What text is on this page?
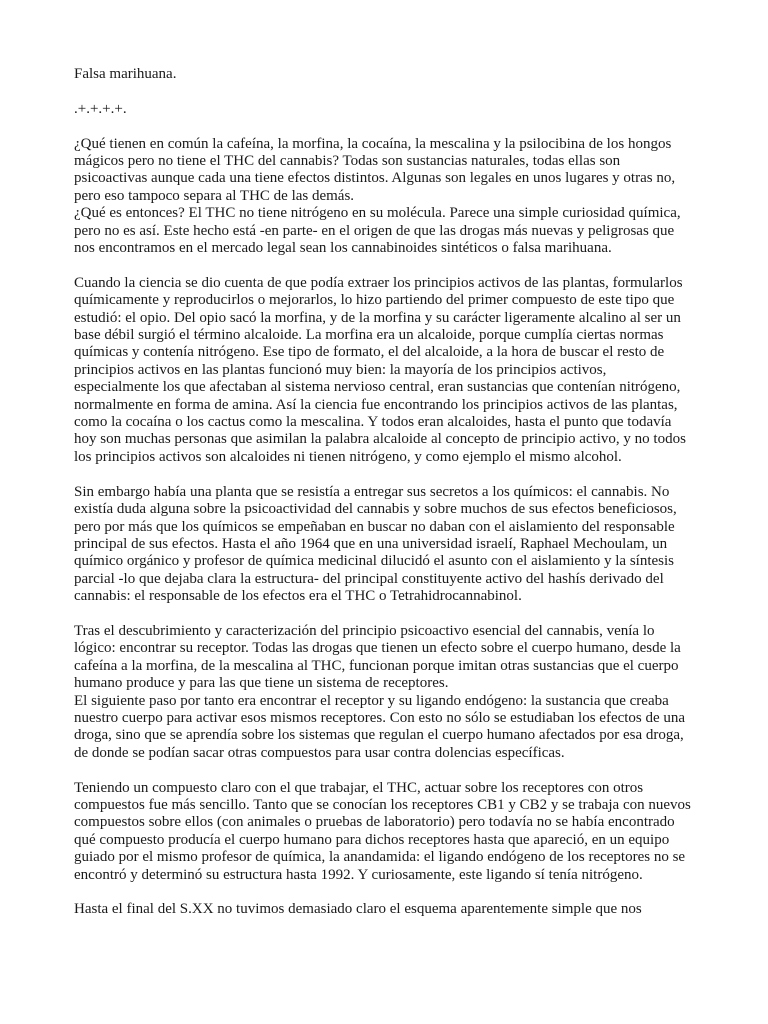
Falsa marihuana.

.+.+.+.+.

¿Qué tienen en común la cafeína, la morfina, la cocaína, la mescalina y la psilocibina de los hongos mágicos pero no tiene el THC del cannabis? Todas son sustancias naturales, todas ellas son psicoactivas aunque cada una tiene efectos distintos. Algunas son legales en unos lugares y otras no, pero eso tampoco separa al THC de las demás.

¿Qué es entonces? El THC no tiene nitrógeno en su molécula. Parece una simple curiosidad química, pero no es así. Este hecho está -en parte- en el origen de que las drogas más nuevas y peligrosas que nos encontramos en el mercado legal sean los cannabinoides sintéticos o falsa marihuana.

Cuando la ciencia se dio cuenta de que podía extraer los principios activos de las plantas, formularlos químicamente y reproducirlos o mejorarlos, lo hizo partiendo del primer compuesto de este tipo que estudió: el opio. Del opio sacó la morfina, y de la morfina y su carácter ligeramente alcalino al ser un base débil surgió el término alcaloide. La morfina era un alcaloide, porque cumplía ciertas normas químicas y contenía nitrógeno. Ese tipo de formato, el del alcaloide, a la hora de buscar el resto de principios activos en las plantas funcionó muy bien: la mayoría de los principios activos, especialmente los que afectaban al sistema nervioso central, eran sustancias que contenían nitrógeno, normalmente en forma de amina. Así la ciencia fue encontrando los principios activos de las plantas, como la cocaína o los cactus como la mescalina. Y todos eran alcaloides, hasta el punto que todavía hoy son muchas personas que asimilan la palabra alcaloide al concepto de principio activo, y no todos los principios activos son alcaloides ni tienen nitrógeno, y como ejemplo el mismo alcohol.

Sin embargo había una planta que se resistía a entregar sus secretos a los químicos: el cannabis. No existía duda alguna sobre la psicoactividad del cannabis y sobre muchos de sus efectos beneficiosos, pero por más que los químicos se empeñaban en buscar no daban con el aislamiento del responsable principal de sus efectos. Hasta el año 1964 que en una universidad israelí, Raphael Mechoulam, un químico orgánico y profesor de química medicinal dilucidó el asunto con el aislamiento y la síntesis parcial -lo que dejaba clara la estructura- del principal constituyente activo del hashís derivado del cannabis: el responsable de los efectos era el THC o Tetrahidrocannabinol.

Tras el descubrimiento y caracterización del principio psicoactivo esencial del cannabis, venía lo lógico: encontrar su receptor. Todas las drogas que tienen un efecto sobre el cuerpo humano, desde la cafeína a la morfina, de la mescalina al THC, funcionan porque imitan otras sustancias que el cuerpo humano produce y para las que tiene un sistema de receptores.

El siguiente paso por tanto era encontrar el receptor y su ligando endógeno: la sustancia que creaba nuestro cuerpo para activar esos mismos receptores. Con esto no sólo se estudiaban los efectos de una droga, sino que se aprendía sobre los sistemas que regulan el cuerpo humano afectados por esa droga, de donde se podían sacar otras compuestos para usar contra dolencias específicas.

Teniendo un compuesto claro con el que trabajar, el THC, actuar sobre los receptores con otros compuestos fue más sencillo. Tanto que se conocían los receptores CB1 y CB2 y se trabaja con nuevos compuestos sobre ellos (con animales o pruebas de laboratorio) pero todavía no se había encontrado qué compuesto producía el cuerpo humano para dichos receptores hasta que apareció, en un equipo guiado por el mismo profesor de química, la anandamida: el ligando endógeno de los receptores no se encontró y determinó su estructura hasta 1992. Y curiosamente, este ligando sí tenía nitrógeno.

Hasta el final del S.XX no tuvimos demasiado claro el esquema aparentemente simple que nos
